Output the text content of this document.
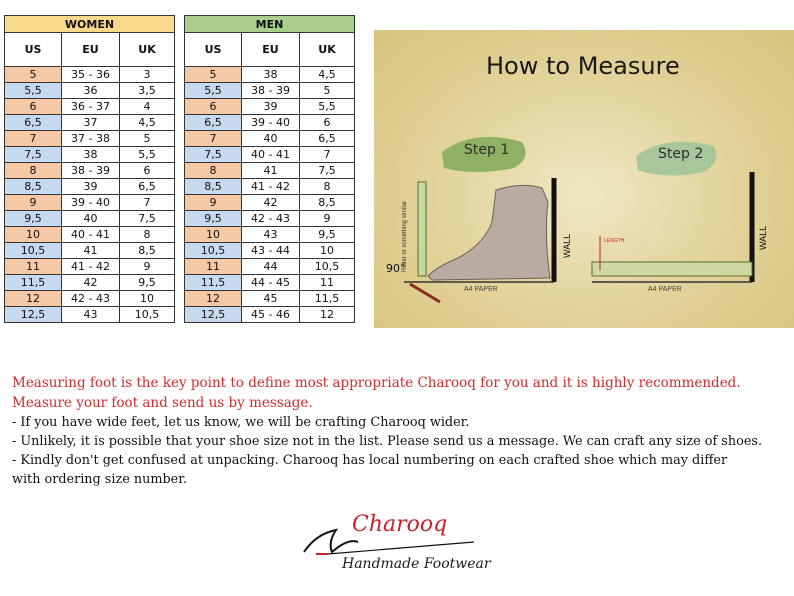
WOMEN		
US	EU	UK
5	35 - 36	3
5,5	36	3,5
6	36 - 37	4
6,5	37	4,5
7	37 - 38	5
7,5	38	5,5
8	38 - 39	6
8,5	39	6,5
9	39 - 40	7
9,5	40	7,5
10	40 - 41	8
10,5	41	8,5
11	41 - 42	9
11,5	42	9,5
12	42 - 43	10
12,5	43	10,5
MEN		
US	EU	UK
5	38	4,5
5,5	38 - 39	5
6	39	5,5
6,5	39 - 40	6
7	40	6,5
7,5	40 - 41	7
8	41	7,5
8,5	41 - 42	8
9	42	8,5
9,5	42 - 43	9
10	43	9,5
10,5	43 - 44	10
11	44	10,5
11,5	44 - 45	11
12	45	11,5
12,5	45 - 46	12
How to Measure
Step 1	Step 2
Ruller or something similar
90°
A4 PAPER	A4 PAPER
WALL	WALL
LENGTH
Measuring foot is the key point to define most appropriate Charooq for you and it is highly recommended.
Measure your foot and send us by message.
- If you have wide feet, let us know, we will be crafting Charooq wider.
- Unlikely, it is possible that your shoe size not in the list. Please send us a message. We can craft any size of shoes.
- Kindly don't get confused at unpacking. Charooq has local numbering on each crafted shoe which may differ
with ordering size number.
Charooq
Handmade Footwear
